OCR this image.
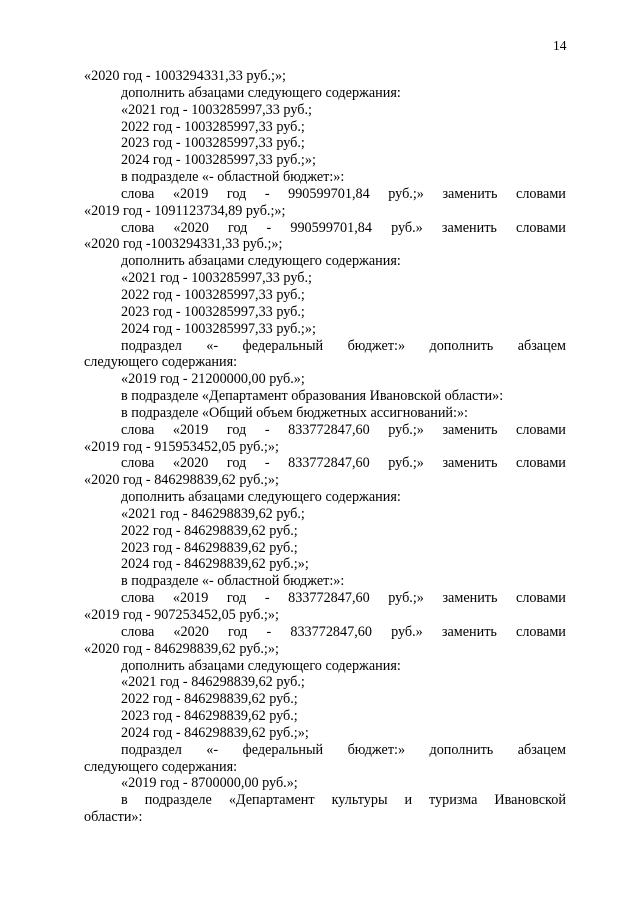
14
«2020 год - 1003294331,33 руб.;»;
дополнить абзацами следующего содержания:
«2021 год - 1003285997,33 руб.;
2022 год - 1003285997,33 руб.;
2023 год - 1003285997,33 руб.;
2024 год - 1003285997,33 руб.;»;
в подразделе «- областной бюджет:»:
слова «2019 год - 990599701,84 руб.;» заменить словами
«2019 год - 1091123734,89 руб.;»;
слова «2020 год - 990599701,84 руб.» заменить словами
«2020 год -1003294331,33 руб.;»;
дополнить абзацами следующего содержания:
«2021 год - 1003285997,33 руб.;
2022 год - 1003285997,33 руб.;
2023 год - 1003285997,33 руб.;
2024 год - 1003285997,33 руб.;»;
подраздел «- федеральный бюджет:» дополнить абзацем
следующего содержания:
«2019 год - 21200000,00 руб.»;
в подразделе «Департамент образования Ивановской области»:
в подразделе «Общий объем бюджетных ассигнований:»:
слова «2019 год - 833772847,60 руб.;» заменить словами
«2019 год - 915953452,05 руб.;»;
слова «2020 год - 833772847,60 руб.;» заменить словами
«2020 год - 846298839,62 руб.;»;
дополнить абзацами следующего содержания:
«2021 год - 846298839,62 руб.;
2022 год - 846298839,62 руб.;
2023 год - 846298839,62 руб.;
2024 год - 846298839,62 руб.;»;
в подразделе «- областной бюджет:»:
слова «2019 год - 833772847,60 руб.;» заменить словами
«2019 год - 907253452,05 руб.;»;
слова «2020 год - 833772847,60 руб.» заменить словами
«2020 год - 846298839,62 руб.;»;
дополнить абзацами следующего содержания:
«2021 год - 846298839,62 руб.;
2022 год - 846298839,62 руб.;
2023 год - 846298839,62 руб.;
2024 год - 846298839,62 руб.;»;
подраздел «- федеральный бюджет:» дополнить абзацем
следующего содержания:
«2019 год - 8700000,00 руб.»;
в подразделе «Департамент культуры и туризма Ивановской
области»:
